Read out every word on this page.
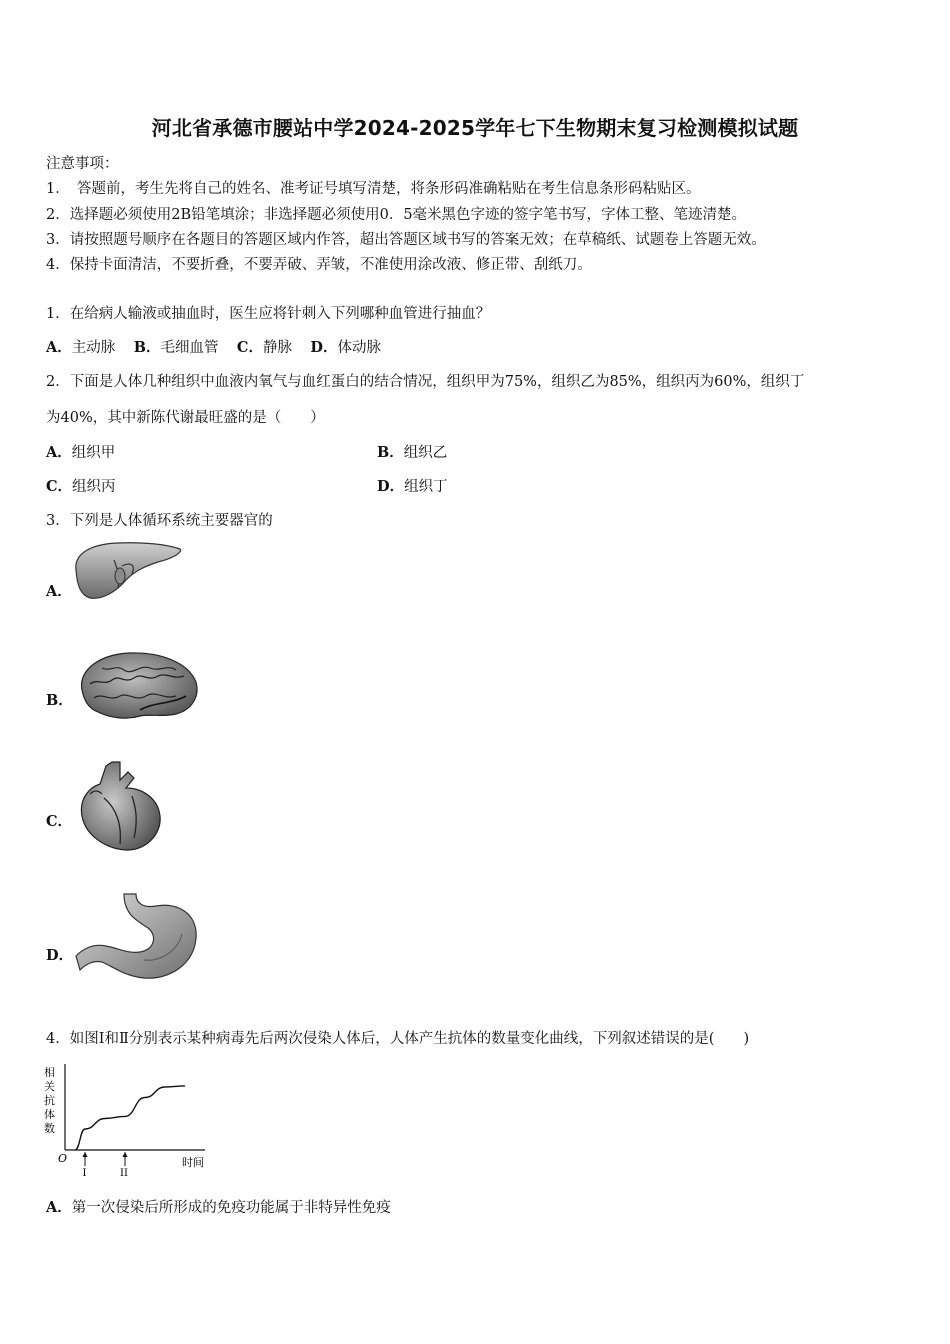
河北省承德市腰站中学2024-2025学年七下生物期末复习检测模拟试题
注意事项：
1．　答题前，考生先将自己的姓名、准考证号填写清楚，将条形码准确粘贴在考生信息条形码粘贴区。
2．选择题必须使用2B铅笔填涂；非选择题必须使用0．5毫米黑色字迹的签字笔书写，字体工整、笔迹清楚。
3．请按照题号顺序在各题目的答题区域内作答，超出答题区域书写的答案无效；在草稿纸、试题卷上答题无效。
4．保持卡面清洁，不要折叠，不要弄破、弄皱，不准使用涂改液、修正带、刮纸刀。
1．在给病人输液或抽血时，医生应将针刺入下列哪种血管进行抽血？
A．主动脉 B．毛细血管 C．静脉 D．体动脉
2．下面是人体几种组织中血液内氧气与血红蛋白的结合情况，组织甲为75%，组织乙为85%，组织丙为60%，组织丁
为40%，其中新陈代谢最旺盛的是（　　）
A．组织甲	B．组织乙
C．组织丙	D．组织丁
3．下列是人体循环系统主要器官的
A．
B．
C．
D．
4．如图Ⅰ和Ⅱ分别表示某种病毒先后两次侵染人体后，人体产生抗体的数量变化曲线，下列叙述错误的是(　　)
相
关
抗
体
数
O	时间
I	II
A．第一次侵染后所形成的免疫功能属于非特异性免疫
